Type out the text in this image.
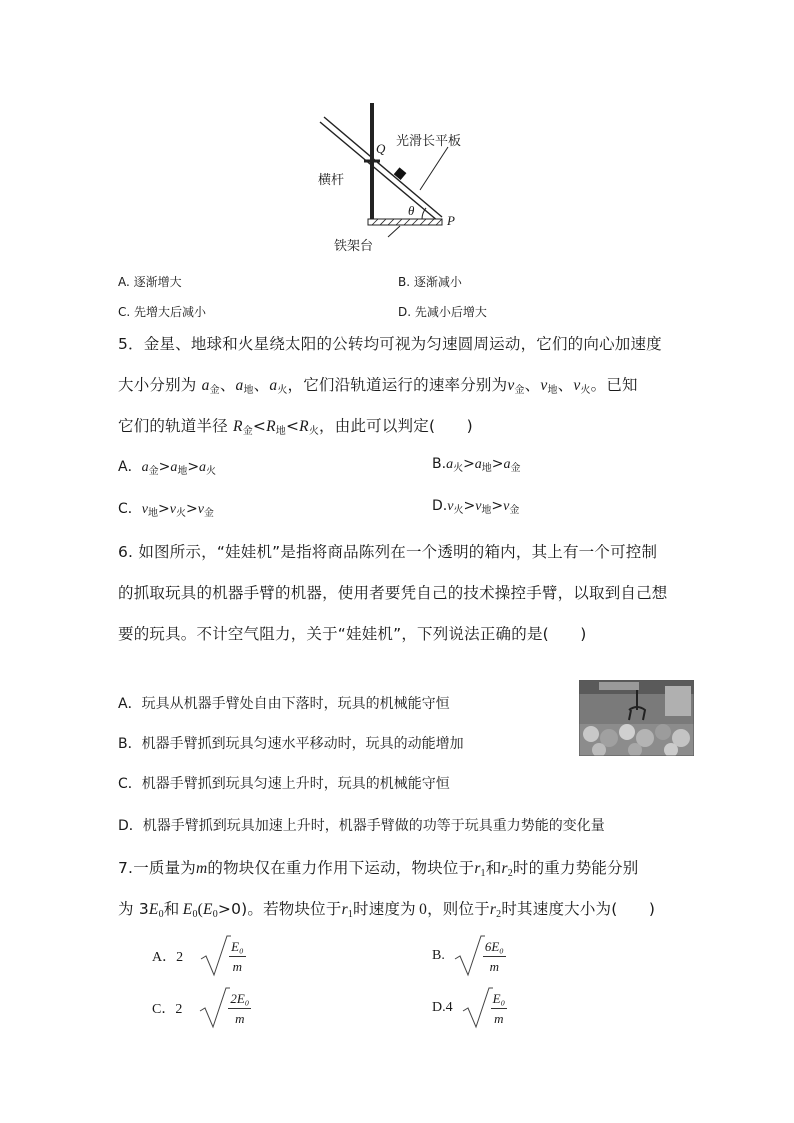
光滑长平板
Q
横杆
θ
P
铁架台
A. 逐渐增大	B. 逐渐减小
C. 先增大后减小	D. 先减小后增大
5．金星、地球和火星绕太阳的公转均可视为匀速圆周运动，它们的向心加速度
大小分别为 $a_金$、$a_地$、$a_火$，它们沿轨道运行的速率分别为$v_金$、$v_地$、$v_火$。已知
它们的轨道半径 $R_金<R_地<R_火$，由此可以判定(　　)
A．$a_金>a_地>a_火$	$B.a_火>a_地>a_金$
C．$v_地>v_火>v_金$	$D.v_火>v_地>v_金$
6. 如图所示，“娃娃机”是指将商品陈列在一个透明的箱内，其上有一个可控制
的抓取玩具的机器手臂的机器，使用者要凭自己的技术操控手臂，以取到自己想
要的玩具。不计空气阻力，关于“娃娃机”，下列说法正确的是(　　)
A．玩具从机器手臂处自由下落时，玩具的机械能守恒
B．机器手臂抓到玩具匀速水平移动时，玩具的动能增加
C．机器手臂抓到玩具匀速上升时，玩具的机械能守恒
D．机器手臂抓到玩具加速上升时，机器手臂做的功等于玩具重力势能的变化量
7.一质量为m的物块仅在重力作用下运动，物块位于$r_1$和$r_2$时的重力势能分别
为 $3E_0$和  $E_0(E_0>0)$。若物块位于$r_1$时速度为  0，则位于$r_2$时其速度大小为(　　)
A．2	$\frac{\text{E₀}}{m}$	B.	$\frac{\text{6E₀}}{m}$
C．2	$\frac{\text{2E₀}}{m}$	D.4	$\frac{\text{E₀}}{m}$
